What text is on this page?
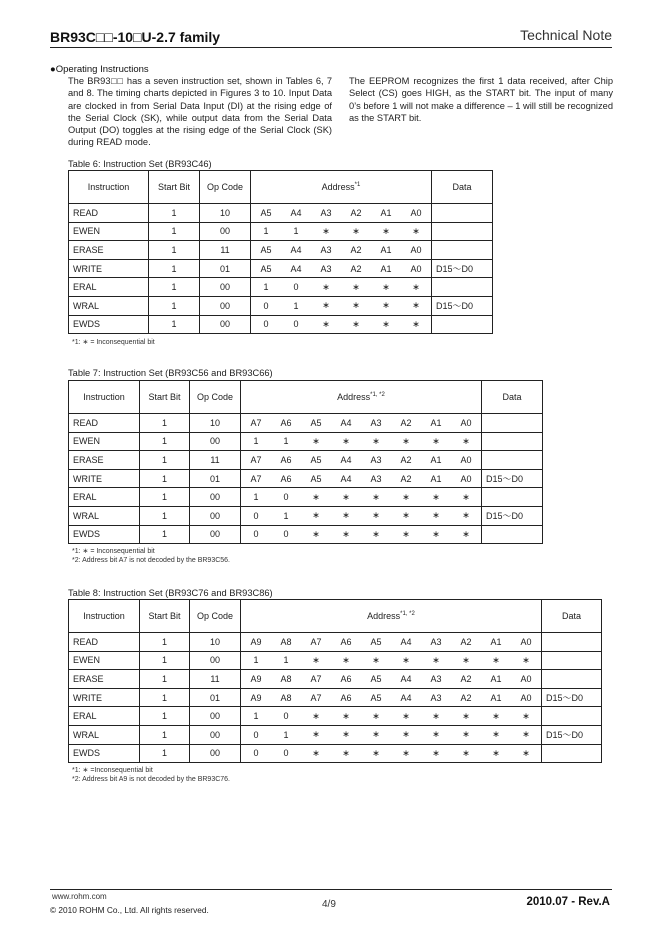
BR93C□□-10□U-2.7 family	Technical Note
●Operating Instructions
The BR93□□ has a seven instruction set, shown in Tables 6, 7 and 8. The timing charts depicted in Figures 3 to 10. Input Data are clocked in from Serial Data Input (DI) at the rising edge of the Serial Clock (SK), while output data from the Serial Data Output (DO) toggles at the rising edge of the Serial Clock (SK) during READ mode.
The EEPROM recognizes the first 1 data received, after Chip Select (CS) goes HIGH, as the START bit. The input of many 0’s before 1 will not make a difference – 1 will still be recognized as the START bit.
Table 6: Instruction Set (BR93C46)
Instruction	Start Bit	Op Code	Address$^{*1}$						Data
READ	1	10	A5	A4	A3	A2	A1	A0	
EWEN	1	00	1	1	∗	∗	∗	∗	
ERASE	1	11	A5	A4	A3	A2	A1	A0	
WRITE	1	01	A5	A4	A3	A2	A1	A0	D15～D0
ERAL	1	00	1	0	∗	∗	∗	∗	
WRAL	1	00	0	1	∗	∗	∗	∗	D15～D0
EWDS	1	00	0	0	∗	∗	∗	∗	
*1: ∗ = Inconsequential bit
Table 7: Instruction Set (BR93C56 and BR93C66)
Instruction	Start Bit	Op Code	Address$^{*1, *2}$								Data
READ	1	10	A7	A6	A5	A4	A3	A2	A1	A0	
EWEN	1	00	1	1	∗	∗	∗	∗	∗	∗	
ERASE	1	11	A7	A6	A5	A4	A3	A2	A1	A0	
WRITE	1	01	A7	A6	A5	A4	A3	A2	A1	A0	D15～D0
ERAL	1	00	1	0	∗	∗	∗	∗	∗	∗	
WRAL	1	00	0	1	∗	∗	∗	∗	∗	∗	D15～D0
EWDS	1	00	0	0	∗	∗	∗	∗	∗	∗	
*1: ∗ = Inconsequential bit
*2: Address bit A7 is not decoded by the BR93C56.
Table 8: Instruction Set (BR93C76 and BR93C86)
Instruction	Start Bit	Op Code	Address$^{*1, *2}$										Data
READ	1	10	A9	A8	A7	A6	A5	A4	A3	A2	A1	A0	
EWEN	1	00	1	1	∗	∗	∗	∗	∗	∗	∗	∗	
ERASE	1	11	A9	A8	A7	A6	A5	A4	A3	A2	A1	A0	
WRITE	1	01	A9	A8	A7	A6	A5	A4	A3	A2	A1	A0	D15～D0
ERAL	1	00	1	0	∗	∗	∗	∗	∗	∗	∗	∗	
WRAL	1	00	0	1	∗	∗	∗	∗	∗	∗	∗	∗	D15～D0
EWDS	1	00	0	0	∗	∗	∗	∗	∗	∗	∗	∗	
*1: ∗ =Inconsequential bit
*2: Address bit A9 is not decoded by the BR93C76.
www.rohm.com
© 2010 ROHM Co., Ltd. All rights reserved.	4/9	2010.07 - Rev.A
